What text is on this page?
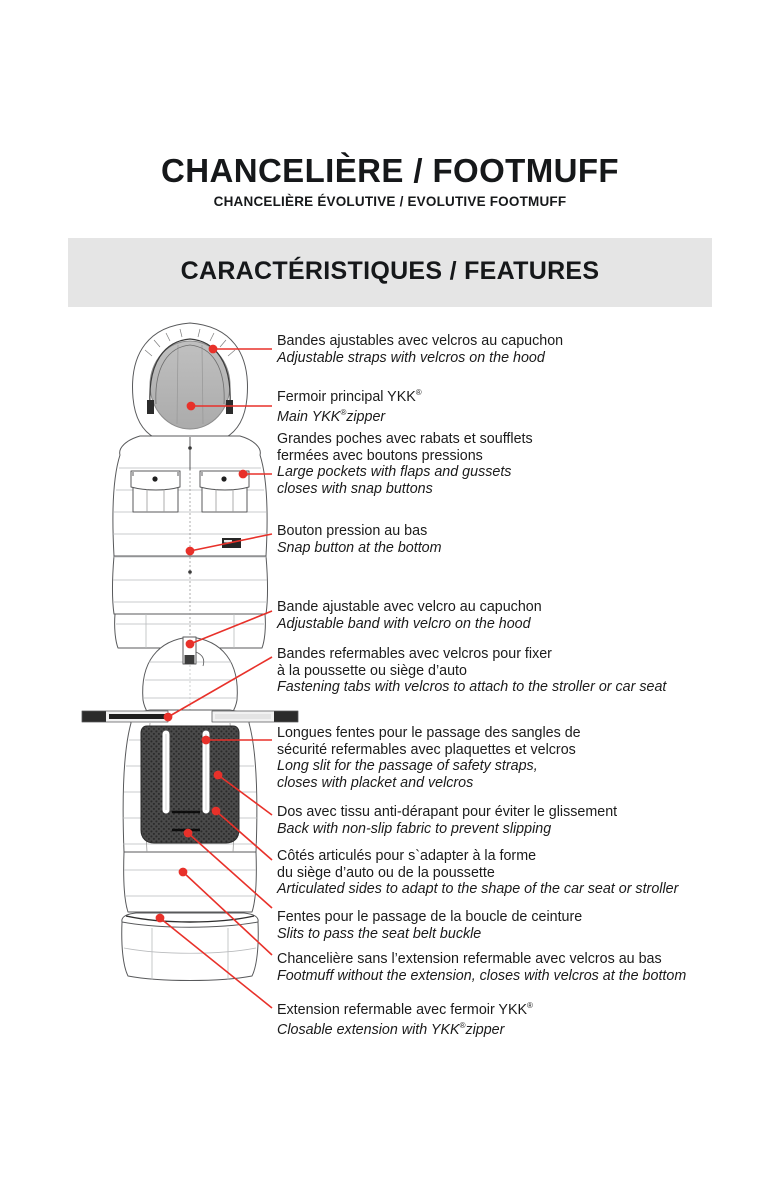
CHANCELIÈRE / FOOTMUFF
CHANCELIÈRE ÉVOLUTIVE / EVOLUTIVE FOOTMUFF
CARACTÉRISTIQUES / FEATURES
Bandes ajustables avec velcros au capuchon
Adjustable straps with velcros on the hood
Fermoir principal YKK®
Main YKK®zipper
Grandes poches avec rabats et soufflets
fermées avec boutons pressions
Large pockets with flaps and gussets
closes with snap buttons
Bouton pression au bas
Snap button at the bottom
Bande ajustable avec velcro au capuchon
Adjustable band with velcro on the hood
Bandes refermables avec velcros pour fixer
à la poussette ou siège d’auto
Fastening tabs with velcros to attach to the stroller or car seat
Longues fentes pour le passage des sangles de
sécurité refermables avec plaquettes et velcros
Long slit for the passage of safety straps,
closes with placket and velcros
Dos avec tissu anti-dérapant pour éviter le glissement
Back with non-slip fabric to prevent slipping
Côtés articulés pour s`adapter à la forme
du siège d’auto ou de la poussette
Articulated sides to adapt to the shape of the car seat or stroller
Fentes pour le passage de la boucle de ceinture
Slits to pass the seat belt buckle
Chancelière sans l’extension refermable avec velcros au bas
Footmuff without the extension, closes with velcros at the bottom
Extension refermable avec fermoir YKK®
Closable extension with YKK®zipper
